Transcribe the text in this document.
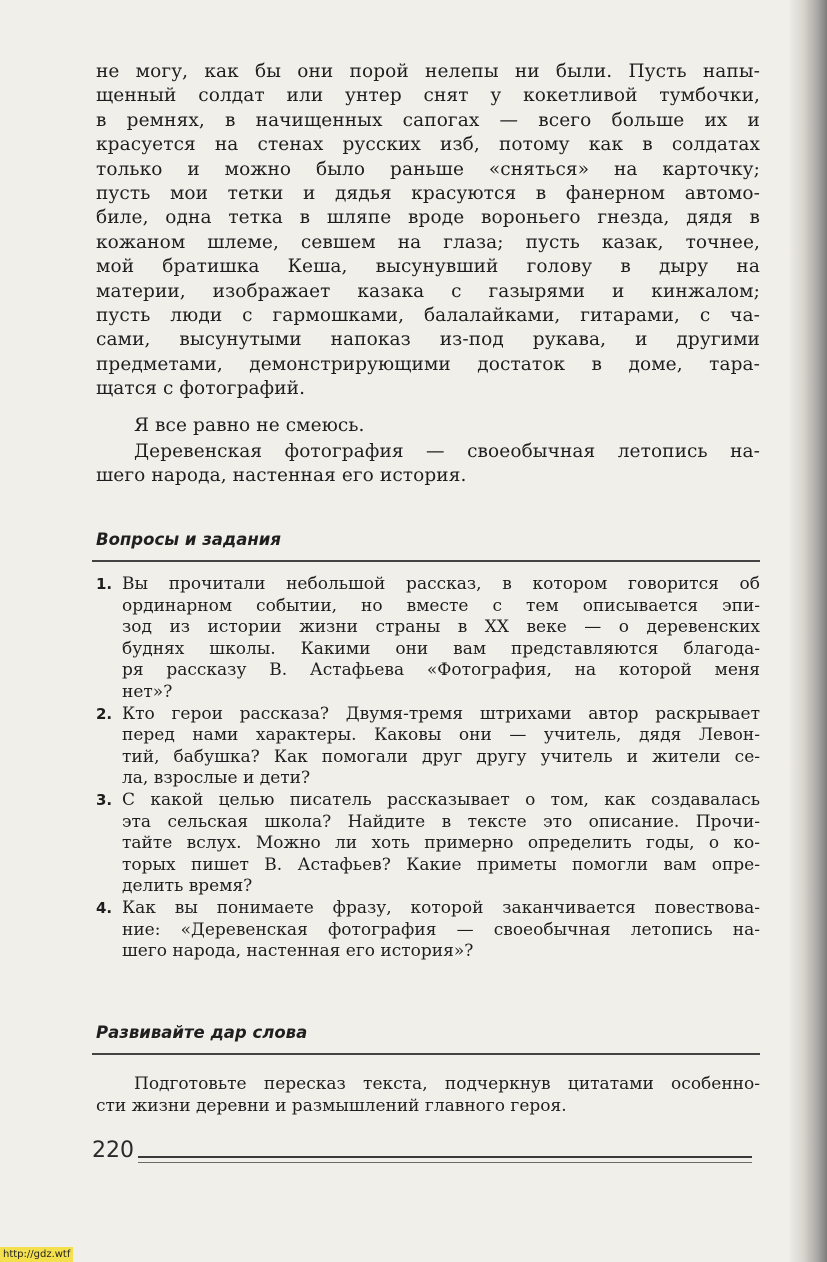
не могу, как бы они порой нелепы ни были. Пусть напы-
щенный солдат или унтер снят у кокетливой тумбочки,
в ремнях, в начищенных сапогах — всего больше их и
красуется на стенах русских изб, потому как в солдатах
только и можно было раньше «сняться» на карточку;
пусть мои тетки и дядья красуются в фанерном автомо-
биле, одна тетка в шляпе вроде вороньего гнезда, дядя в
кожаном шлеме, севшем на глаза; пусть казак, точнее,
мой братишка Кеша, высунувший голову в дыру на
материи, изображает казака с газырями и кинжалом;
пусть люди с гармошками, балалайками, гитарами, с ча-
сами, высунутыми напоказ из-под рукава, и другими
предметами, демонстрирующими достаток в доме, тара-
щатся с фотографий.
Я все равно не смеюсь.
Деревенская фотография — своеобычная летопись на-
шего народа, настенная его история.
Вопросы и задания
1. Вы прочитали небольшой рассказ, в котором говорится об
ординарном событии, но вместе с тем описывается эпи-
зод из истории жизни страны в XX веке — о деревенских
буднях школы. Какими они вам представляются благода-
ря рассказу В. Астафьева «Фотография, на которой меня
нет»?
2. Кто герои рассказа? Двумя-тремя штрихами автор раскрывает
перед нами характеры. Каковы они — учитель, дядя Левон-
тий, бабушка? Как помогали друг другу учитель и жители се-
ла, взрослые и дети?
3. С какой целью писатель рассказывает о том, как создавалась
эта сельская школа? Найдите в тексте это описание. Прочи-
тайте вслух. Можно ли хоть примерно определить годы, о ко-
торых пишет В. Астафьев? Какие приметы помогли вам опре-
делить время?
4. Как вы понимаете фразу, которой заканчивается повествова-
ние: «Деревенская фотография — своеобычная летопись на-
шего народа, настенная его история»?
Развивайте дар слова
Подготовьте пересказ текста, подчеркнув цитатами особенно-
сти жизни деревни и размышлений главного героя.
220
http://gdz.wtf
